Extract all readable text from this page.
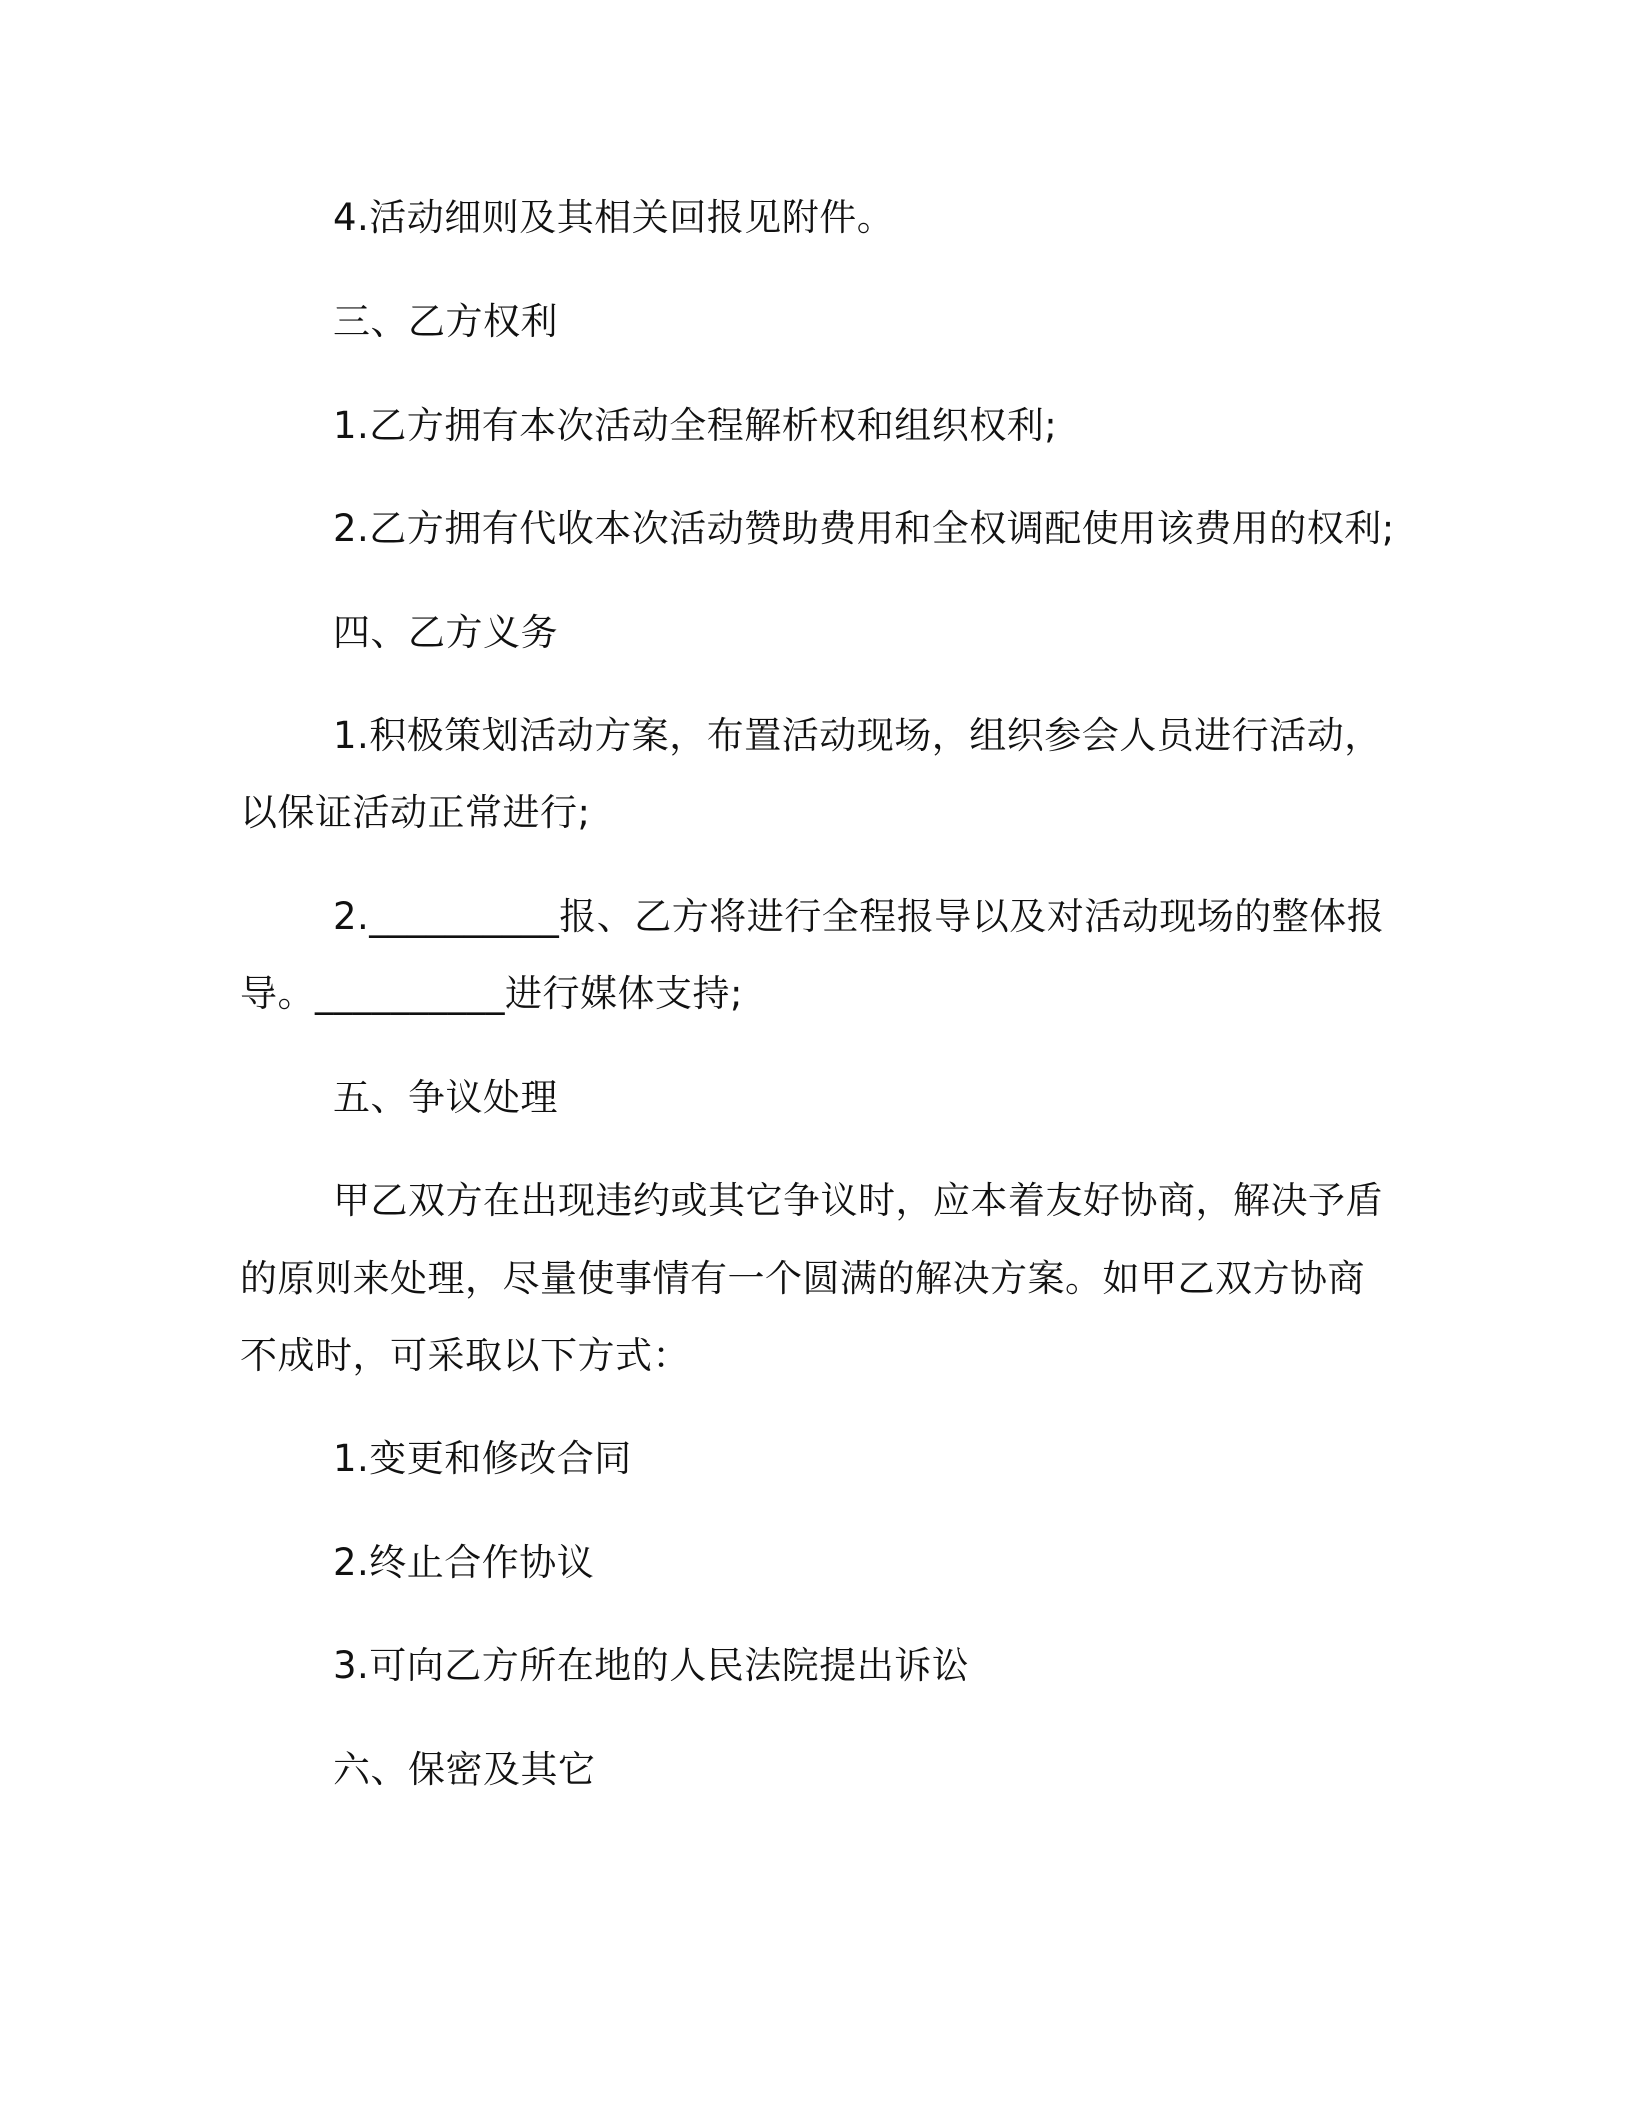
4.活动细则及其相关回报见附件。

三、乙方权利

1.乙方拥有本次活动全程解析权和组织权利;

2.乙方拥有代收本次活动赞助费用和全权调配使用该费用的权利;

四、乙方义务

1.积极策划活动方案，布置活动现场，组织参会人员进行活动，

以保证活动正常进行;

2.__________报、乙方将进行全程报导以及对活动现场的整体报

导。__________进行媒体支持;

五、争议处理

甲乙双方在出现违约或其它争议时，应本着友好协商，解决予盾

的原则来处理，尽量使事情有一个圆满的解决方案。如甲乙双方协商

不成时，可采取以下方式：

1.变更和修改合同

2.终止合作协议

3.可向乙方所在地的人民法院提出诉讼

六、保密及其它
